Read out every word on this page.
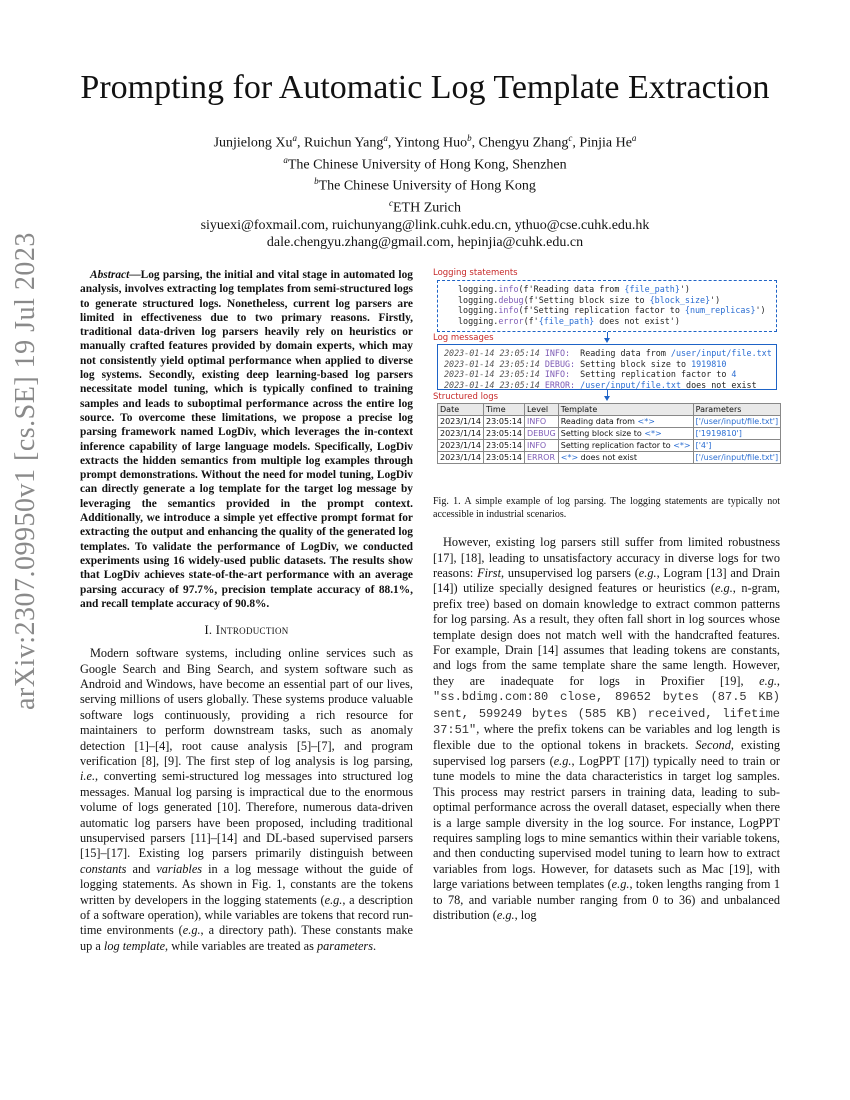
arXiv:2307.09950v1 [cs.SE] 19 Jul 2023
Prompting for Automatic Log Template Extraction
Junjielong Xu$^a$, Ruichun Yang$^a$, Yintong Huo$^b$, Chengyu Zhang$^c$, Pinjia He$^a$
$^a$The Chinese University of Hong Kong, Shenzhen
$^b$The Chinese University of Hong Kong
$^c$ETH Zurich
siyuexi@foxmail.com, ruichunyang@link.cuhk.edu.cn, ythuo@cse.cuhk.edu.hk
dale.chengyu.zhang@gmail.com, hepinjia@cuhk.edu.cn

Abstract—Log parsing, the initial and vital stage in automated log analysis, involves extracting log templates from semi-structured logs to generate structured logs. Nonetheless, current log parsers are limited in effectiveness due to two primary reasons. Firstly, traditional data-driven log parsers heavily rely on heuristics or manually crafted features provided by domain experts, which may not consistently yield optimal performance when applied to diverse log systems. Secondly, existing deep learning-based log parsers necessitate model tuning, which is typically confined to training samples and leads to suboptimal performance across the entire log source. To overcome these limitations, we propose a precise log parsing framework named LogDiv, which leverages the in-context inference capability of large language models. Specifically, LogDiv extracts the hidden semantics from multiple log examples through prompt demonstrations. Without the need for model tuning, LogDiv can directly generate a log template for the target log message by leveraging the semantics provided in the prompt context. Additionally, we introduce a simple yet effective prompt format for extracting the output and enhancing the quality of the generated log templates. To validate the performance of LogDiv, we conducted experiments using 16 widely-used public datasets. The results show that LogDiv achieves state-of-the-art performance with an average parsing accuracy of 97.7%, precision template accuracy of 88.1%, and recall template accuracy of 90.8%.

I. Introduction

Modern software systems, including online services such as Google Search and Bing Search, and system software such as Android and Windows, have become an essential part of our lives, serving millions of users globally. These systems produce valuable software logs continuously, providing a rich resource for maintainers to perform downstream tasks, such as anomaly detection [1]–[4], root cause analysis [5]–[7], and program verification [8], [9]. The first step of log analysis is log parsing, i.e., converting semi-structured log messages into structured log messages. Manual log parsing is impractical due to the enormous volume of logs generated [10]. Therefore, numerous data-driven automatic log parsers have been proposed, including traditional unsupervised parsers [11]–[14] and DL-based supervised parsers [15]–[17]. Existing log parsers primarily distinguish between constants and variables in a log message without the guide of logging statements. As shown in Fig. 1, constants are the tokens written by developers in the logging statements (e.g., a description of a software operation), while variables are tokens that record run-time environments (e.g., a directory path). These constants make up a log template, while variables are treated as parameters.

Logging statements
logging.info(f'Reading data from {file_path}')
logging.debug(f'Setting block size to {block_size}')
logging.info(f'Setting replication factor to {num_replicas}')
logging.error(f'{file_path} does not exist')
Log messages
2023-01-14 23:05:14 INFO:  Reading data from /user/input/file.txt
2023-01-14 23:05:14 DEBUG: Setting block size to 1919810
2023-01-14 23:05:14 INFO:  Setting replication factor to 4
2023-01-14 23:05:14 ERROR: /user/input/file.txt does not exist
Structured logs
Date	Time	Level	Template	Parameters
2023/1/14	23:05:14	INFO	Reading data from <*>	['/user/input/file.txt']
2023/1/14	23:05:14	DEBUG	Setting block size to <*>	['1919810']
2023/1/14	23:05:14	INFO	Setting replication factor to <*>	['4']
2023/1/14	23:05:14	ERROR	<*> does not exist	['/user/input/file.txt']

Fig. 1. A simple example of log parsing. The logging statements are typically not accessible in industrial scenarios.

However, existing log parsers still suffer from limited robustness [17], [18], leading to unsatisfactory accuracy in diverse logs for two reasons: First, unsupervised log parsers (e.g., Logram [13] and Drain [14]) utilize specially designed features or heuristics (e.g., n-gram, prefix tree) based on domain knowledge to extract common patterns for log parsing. As a result, they often fall short in log sources whose template design does not match well with the handcrafted features. For example, Drain [14] assumes that leading tokens are constants, and logs from the same template share the same length. However, they are inadequate for logs in Proxifier [19], e.g., "ss.bdimg.com:80 close, 89652 bytes (87.5 KB) sent, 599249 bytes (585 KB) received, lifetime 37:51", where the prefix tokens can be variables and log length is flexible due to the optional tokens in brackets. Second, existing supervised log parsers (e.g., LogPPT [17]) typically need to train or tune models to mine the data characteristics in target log samples. This process may restrict parsers in training data, leading to sub-optimal performance across the overall dataset, especially when there is a large sample diversity in the log source. For instance, LogPPT requires sampling logs to mine semantics within their variable tokens, and then conducting supervised model tuning to learn how to extract variables from logs. However, for datasets such as Mac [19], with large variations between templates (e.g., token lengths ranging from 1 to 78, and variable number ranging from 0 to 36) and unbalanced distribution (e.g., log
